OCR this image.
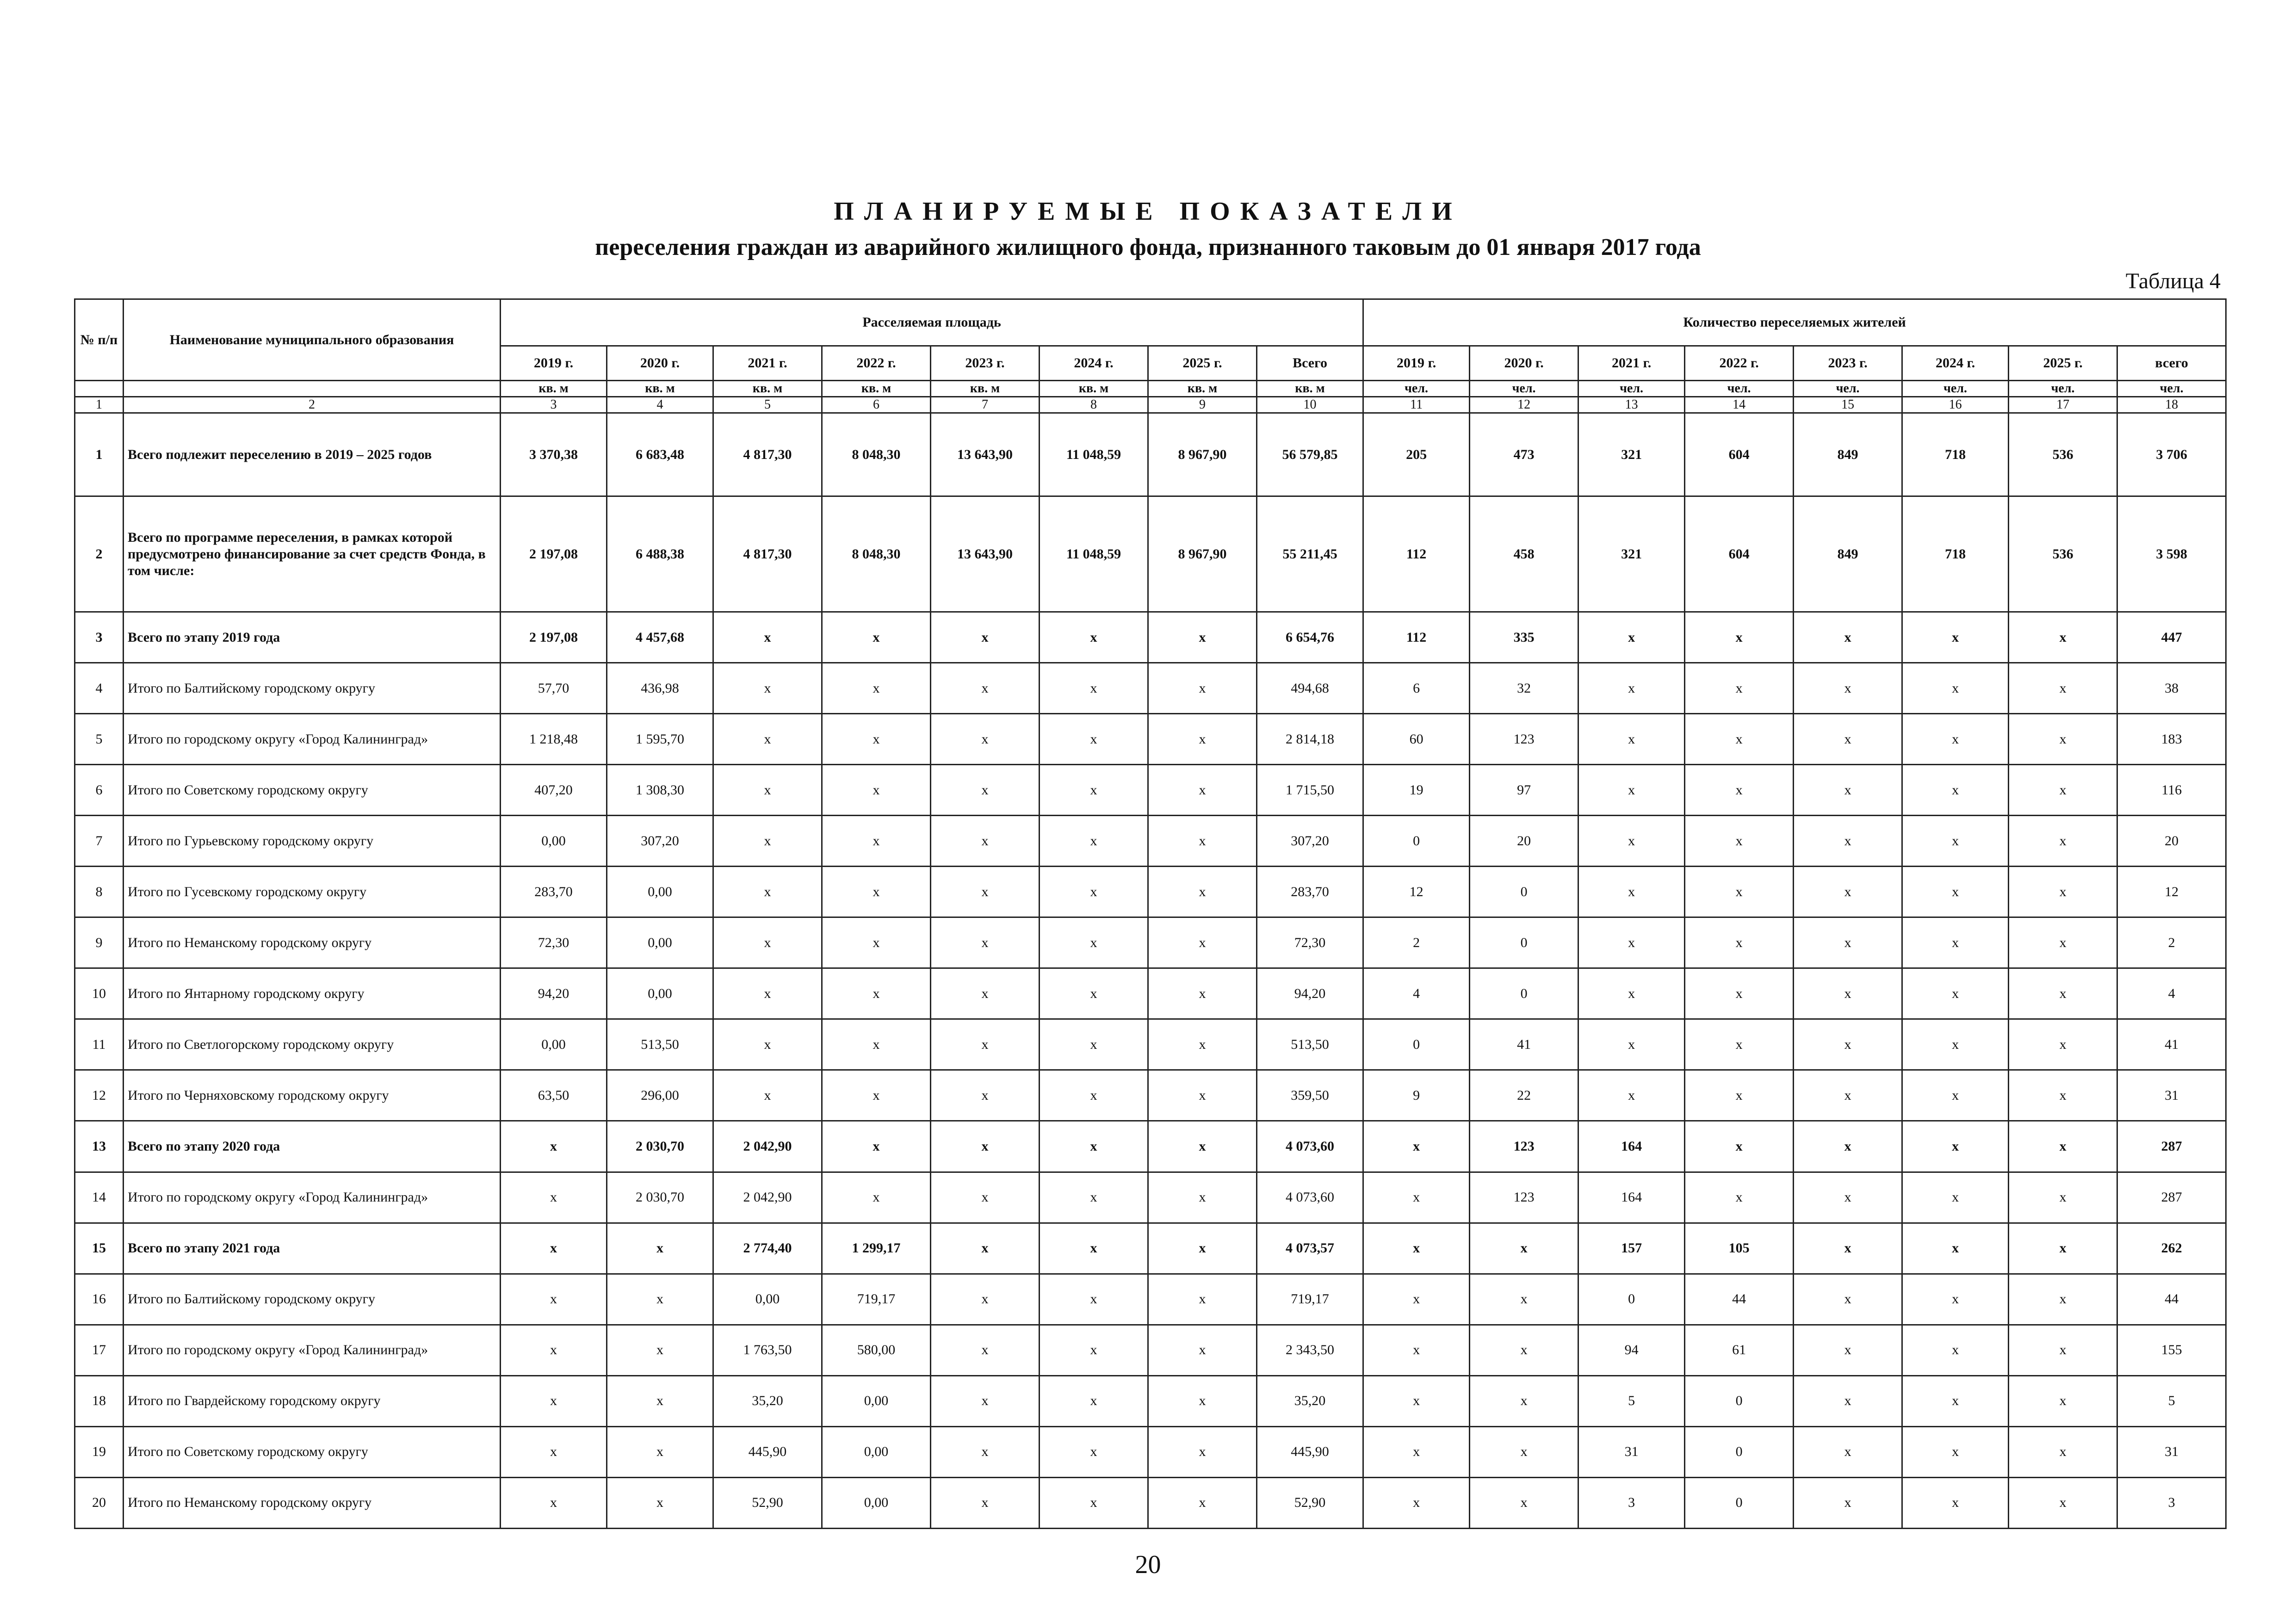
ПЛАНИРУЕМЫЕ ПОКАЗАТЕЛИ
переселения граждан из аварийного жилищного фонда, признанного таковым до 01 января 2017 года
Таблица 4
№ п/п	Наименование муниципального образования	Расселяемая площадь								Количество переселяемых жителей							
		2019 г.	2020 г.	2021 г.	2022 г.	2023 г.	2024 г.	2025 г.	Всего	2019 г.	2020 г.	2021 г.	2022 г.	2023 г.	2024 г.	2025 г.	всего
		кв. м	кв. м	кв. м	кв. м	кв. м	кв. м	кв. м	кв. м	чел.	чел.	чел.	чел.	чел.	чел.	чел.	чел.
1	2	3	4	5	6	7	8	9	10	11	12	13	14	15	16	17	18
1	Всего подлежит переселению в 2019 – 2025 годов	3 370,38	6 683,48	4 817,30	8 048,30	13 643,90	11 048,59	8 967,90	56 579,85	205	473	321	604	849	718	536	3 706
2	Всего по программе переселения, в рамках которой предусмотрено финансирование за счет средств Фонда, в том числе:	2 197,08	6 488,38	4 817,30	8 048,30	13 643,90	11 048,59	8 967,90	55 211,45	112	458	321	604	849	718	536	3 598
3	Всего по этапу 2019 года	2 197,08	4 457,68	x	x	x	x	x	6 654,76	112	335	x	x	x	x	x	447
4	Итого по Балтийскому городскому округу	57,70	436,98	x	x	x	x	x	494,68	6	32	x	x	x	x	x	38
5	Итого по городскому округу «Город Калининград»	1 218,48	1 595,70	x	x	x	x	x	2 814,18	60	123	x	x	x	x	x	183
6	Итого по Советскому городскому округу	407,20	1 308,30	x	x	x	x	x	1 715,50	19	97	x	x	x	x	x	116
7	Итого по Гурьевскому городскому округу	0,00	307,20	x	x	x	x	x	307,20	0	20	x	x	x	x	x	20
8	Итого по Гусевскому городскому округу	283,70	0,00	x	x	x	x	x	283,70	12	0	x	x	x	x	x	12
9	Итого по Неманскому городскому округу	72,30	0,00	x	x	x	x	x	72,30	2	0	x	x	x	x	x	2
10	Итого по Янтарному городскому округу	94,20	0,00	x	x	x	x	x	94,20	4	0	x	x	x	x	x	4
11	Итого по Светлогорскому городскому округу	0,00	513,50	x	x	x	x	x	513,50	0	41	x	x	x	x	x	41
12	Итого по Черняховскому городскому округу	63,50	296,00	x	x	x	x	x	359,50	9	22	x	x	x	x	x	31
13	Всего по этапу 2020 года	x	2 030,70	2 042,90	x	x	x	x	4 073,60	x	123	164	x	x	x	x	287
14	Итого по городскому округу «Город Калининград»	x	2 030,70	2 042,90	x	x	x	x	4 073,60	x	123	164	x	x	x	x	287
15	Всего по этапу 2021 года	x	x	2 774,40	1 299,17	x	x	x	4 073,57	x	x	157	105	x	x	x	262
16	Итого по Балтийскому городскому округу	x	x	0,00	719,17	x	x	x	719,17	x	x	0	44	x	x	x	44
17	Итого по городскому округу «Город Калининград»	x	x	1 763,50	580,00	x	x	x	2 343,50	x	x	94	61	x	x	x	155
18	Итого по Гвардейскому городскому округу	x	x	35,20	0,00	x	x	x	35,20	x	x	5	0	x	x	x	5
19	Итого по Советскому городскому округу	x	x	445,90	0,00	x	x	x	445,90	x	x	31	0	x	x	x	31
20	Итого по Неманскому городскому округу	x	x	52,90	0,00	x	x	x	52,90	x	x	3	0	x	x	x	3
20
